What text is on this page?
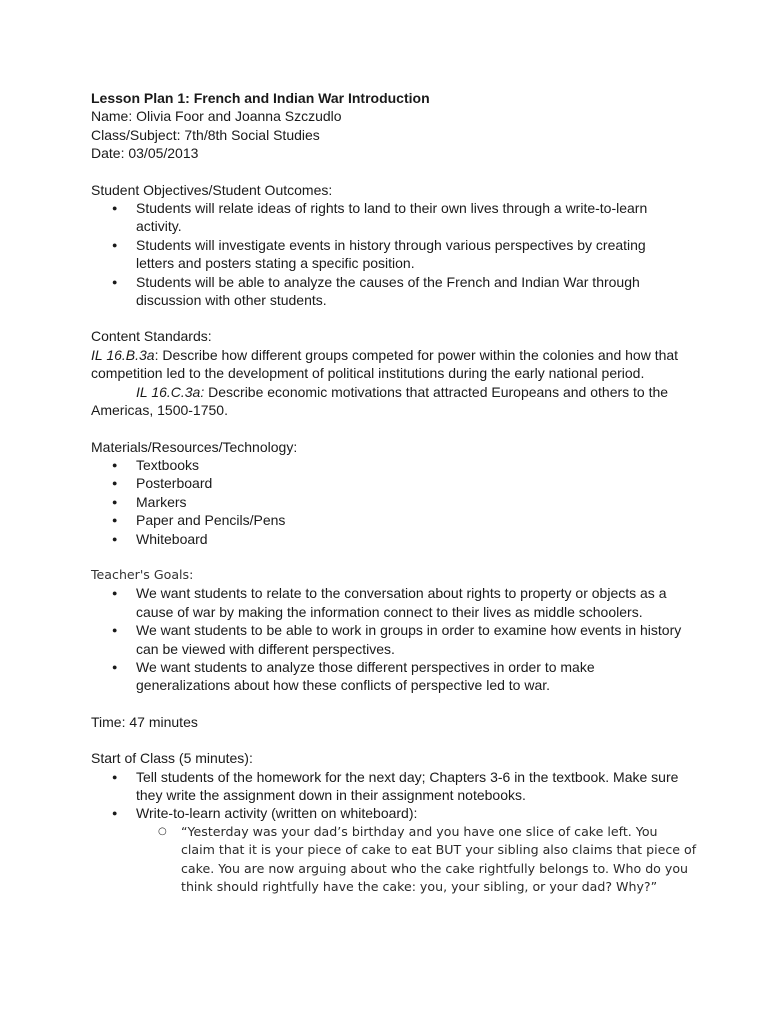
Lesson Plan 1: French and Indian War Introduction
Name: Olivia Foor and Joanna Szczudlo
Class/Subject: 7th/8th Social Studies
Date: 03/05/2013
Student Objectives/Student Outcomes:
● Students will relate ideas of rights to land to their own lives through a write-to-learn
activity.
● Students will investigate events in history through various perspectives by creating
letters and posters stating a specific position.
● Students will be able to analyze the causes of the French and Indian War through
discussion with other students.
Content Standards:
IL 16.B.3a: Describe how different groups competed for power within the colonies and how that
competition led to the development of political institutions during the early national period.
IL 16.C.3a: Describe economic motivations that attracted Europeans and others to the
Americas, 1500-1750.
Materials/Resources/Technology:
● Textbooks
● Posterboard
● Markers
● Paper and Pencils/Pens
● Whiteboard
Teacher's Goals:
● We want students to relate to the conversation about rights to property or objects as a
cause of war by making the information connect to their lives as middle schoolers.
● We want students to be able to work in groups in order to examine how events in history
can be viewed with different perspectives.
● We want students to analyze those different perspectives in order to make
generalizations about how these conflicts of perspective led to war.
Time: 47 minutes
Start of Class (5 minutes):
● Tell students of the homework for the next day; Chapters 3-6 in the textbook. Make sure
they write the assignment down in their assignment notebooks.
● Write-to-learn activity (written on whiteboard):
○ “Yesterday was your dad’s birthday and you have one slice of cake left. You
claim that it is your piece of cake to eat BUT your sibling also claims that piece of
cake. You are now arguing about who the cake rightfully belongs to. Who do you
think should rightfully have the cake: you, your sibling, or your dad? Why?”
